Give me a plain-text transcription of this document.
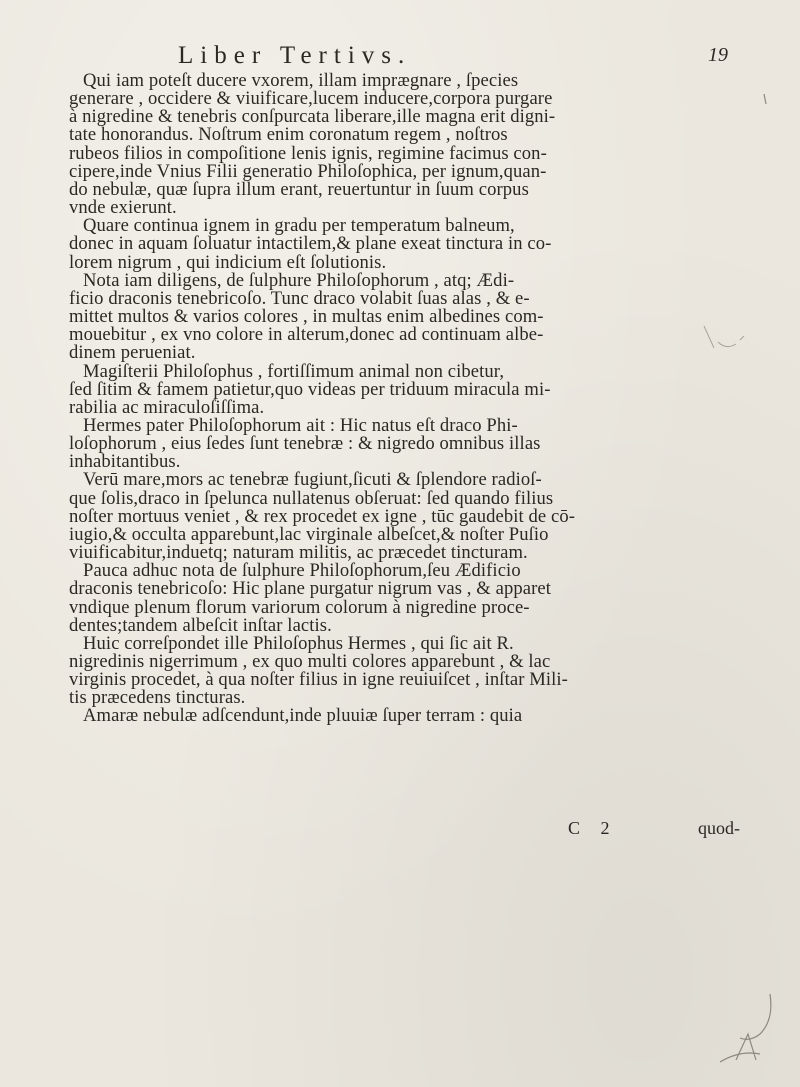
Liber Tertivs.	19
Qui iam poteſt ducere vxorem, illam imprægnare , ſpecies
generare , occidere & viuificare,lucem inducere,corpora purgare
à nigredine & tenebris conſpurcata liberare,ille magna erit digni-
tate honorandus. Noſtrum enim coronatum regem , noſtros
rubeos filios in compoſitione lenis ignis, regimine facimus con-
cipere,inde Vnius Filii generatio Philoſophica, per ignum,quan-
do nebulæ, quæ ſupra illum erant, reuertuntur in ſuum corpus
vnde exierunt.
Quare continua ignem in gradu per temperatum balneum,
donec in aquam ſoluatur intactilem,& plane exeat tinctura in co-
lorem nigrum , qui indicium eſt ſolutionis.
Nota iam diligens, de ſulphure Philoſophorum , atq; Ædi-
ficio draconis tenebricoſo. Tunc draco volabit ſuas alas , & e-
mittet multos & varios colores , in multas enim albedines com-
mouebitur , ex vno colore in alterum,donec ad continuam albe-
dinem perueniat.
Magiſterii Philoſophus , fortiſſimum animal non cibetur,
ſed ſitim & famem patietur,quo videas per triduum miracula mi-
rabilia ac miraculoſiſſima.
Hermes pater Philoſophorum ait : Hic natus eſt draco Phi-
loſophorum , eius ſedes ſunt tenebræ : & nigredo omnibus illas
inhabitantibus.
Verū mare,mors ac tenebræ fugiunt,ſicuti & ſplendore radioſ-
que ſolis,draco in ſpelunca nullatenus obſeruat: ſed quando filius
noſter mortuus veniet , & rex procedet ex igne , tūc gaudebit de cō-
iugio,& occulta apparebunt,lac virginale albeſcet,& noſter Puſio
viuificabitur,induetq; naturam militis, ac præcedet tincturam.
Pauca adhuc nota de ſulphure Philoſophorum,ſeu Ædificio
draconis tenebricoſo: Hic plane purgatur nigrum vas , & apparet
vndique plenum florum variorum colorum à nigredine proce-
dentes;tandem albeſcit inſtar lactis.
Huic correſpondet ille Philoſophus Hermes , qui ſic ait R.
nigredinis nigerrimum , ex quo multi colores apparebunt , & lac
virginis procedet, à qua noſter filius in igne reuiuiſcet , inſtar Mili-
tis præcedens tincturas.
Amaræ nebulæ adſcendunt,inde pluuiæ ſuper terram : quia
C 2	quod-
